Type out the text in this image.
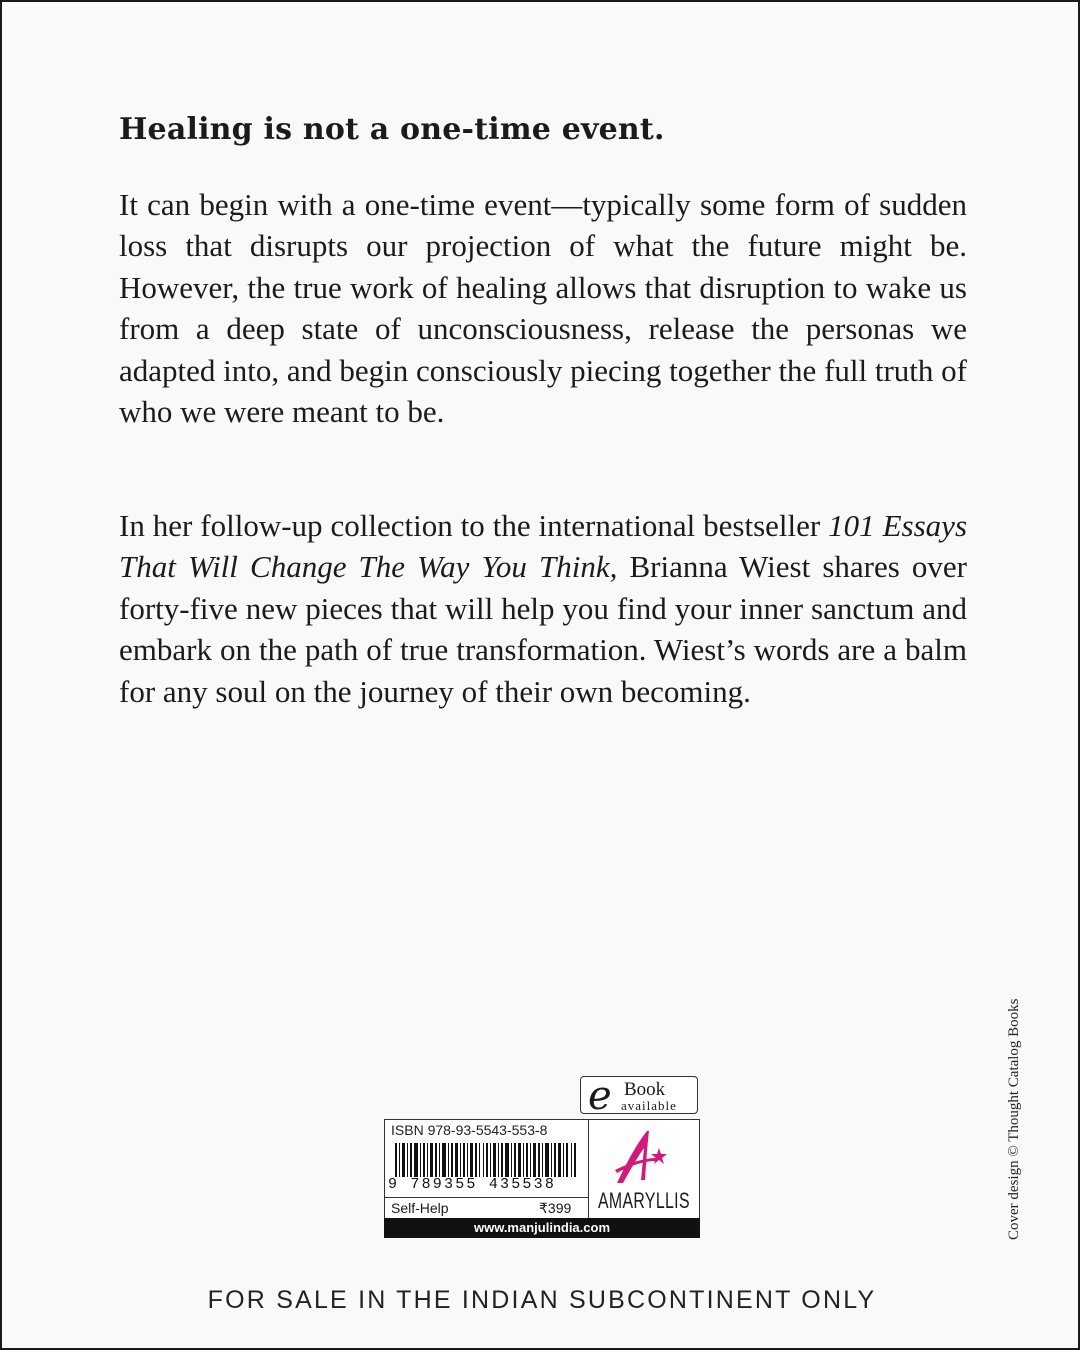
Healing is not a one-time event.

It can begin with a one-time event—typically some form of sudden loss that disrupts our projection of what the future might be. However, the true work of healing allows that disruption to wake us from a deep state of unconsciousness, release the personas we adapted into, and begin consciously piecing together the full truth of who we were meant to be.

In her follow-up collection to the international bestseller 101 Essays That Will Change The Way You Think, Brianna Wiest shares over forty-five new pieces that will help you find your inner sanctum and embark on the path of true transformation. Wiest’s words are a balm for any soul on the journey of their own becoming.

Cover design © Thought Catalog Books
e Book
available
ISBN 978-93-5543-553-8
9 789355 435538
Self-Help	₹399 AMARYLLIS
www.manjulindia.com

FOR SALE IN THE INDIAN SUBCONTINENT ONLY
